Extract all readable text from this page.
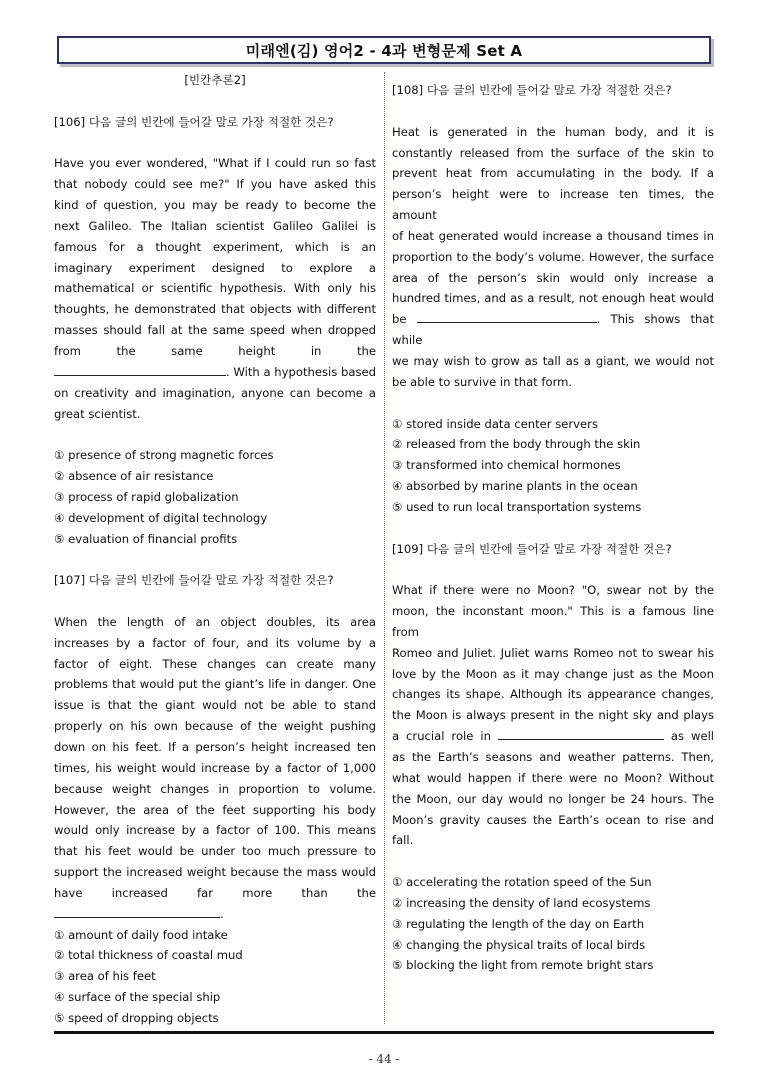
미래엔(김) 영어2 - 4과 변형문제 Set A

[빈칸추론2]

[106] 다음 글의 빈칸에 들어갈 말로 가장 적절한 것은?

Have you ever wondered, "What if I could run so fast
that nobody could see me?" If you have asked this
kind of question, you may be ready to become the
next Galileo. The Italian scientist Galileo Galilei is
famous for a thought experiment, which is an
imaginary experiment designed to explore a
mathematical or scientific hypothesis. With only his
thoughts, he demonstrated that objects with different
masses should fall at the same speed when dropped
from the same height in the
. With a hypothesis based
on creativity and imagination, anyone can become a
great scientist.
① presence of strong magnetic forces
② absence of air resistance
③ process of rapid globalization
④ development of digital technology
⑤ evaluation of financial profits

[107] 다음 글의 빈칸에 들어갈 말로 가장 적절한 것은?

When the length of an object doubles, its area
increases by a factor of four, and its volume by a
factor of eight. These changes can create many
problems that would put the giant’s life in danger. One
issue is that the giant would not be able to stand
properly on his own because of the weight pushing
down on his feet. If a person’s height increased ten
times, his weight would increase by a factor of 1,000
because weight changes in proportion to volume.
However, the area of the feet supporting his body
would only increase by a factor of 100. This means
that his feet would be under too much pressure to
support the increased weight because the mass would
have increased far more than the
.
① amount of daily food intake
② total thickness of coastal mud
③ area of his feet
④ surface of the special ship
⑤ speed of dropping objects

[108] 다음 글의 빈칸에 들어갈 말로 가장 적절한 것은?

Heat is generated in the human body, and it is
constantly released from the surface of the skin to
prevent heat from accumulating in the body. If a
person’s height were to increase ten times, the amount
of heat generated would increase a thousand times in
proportion to the body’s volume. However, the surface
area of the person’s skin would only increase a
hundred times, and as a result, not enough heat would
be	. This shows that while
we may wish to grow as tall as a giant, we would not
be able to survive in that form.
① stored inside data center servers
② released from the body through the skin
③ transformed into chemical hormones
④ absorbed by marine plants in the ocean
⑤ used to run local transportation systems

[109] 다음 글의 빈칸에 들어갈 말로 가장 적절한 것은?

What if there were no Moon? "O, swear not by the
moon, the inconstant moon." This is a famous line from
Romeo and Juliet. Juliet warns Romeo not to swear his
love by the Moon as it may change just as the Moon
changes its shape. Although its appearance changes,
the Moon is always present in the night sky and plays
a crucial role in	as well
as the Earth’s seasons and weather patterns. Then,
what would happen if there were no Moon? Without
the Moon, our day would no longer be 24 hours. The
Moon’s gravity causes the Earth’s ocean to rise and
fall.
① accelerating the rotation speed of the Sun
② increasing the density of land ecosystems
③ regulating the length of the day on Earth
④ changing the physical traits of local birds
⑤ blocking the light from remote bright stars
- 44 -
